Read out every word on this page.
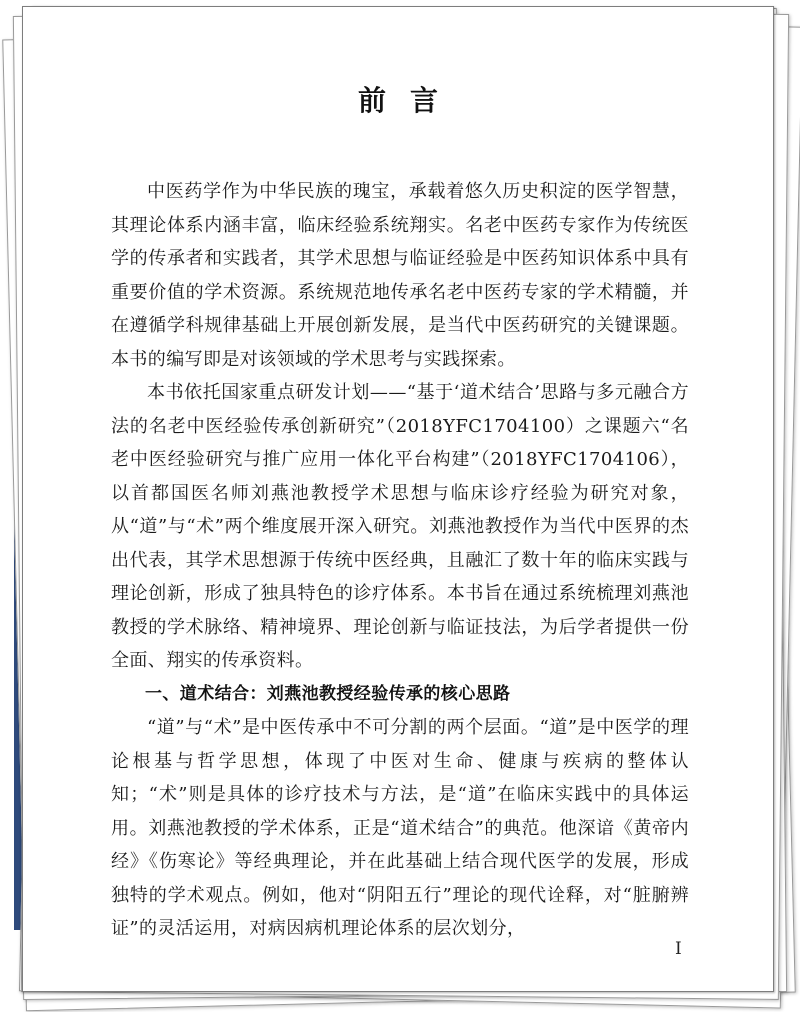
前言

中医药学作为中华民族的瑰宝，承载着悠久历史积淀的医学智慧，其理论体系内涵丰富，临床经验系统翔实。名老中医药专家作为传统医学的传承者和实践者，其学术思想与临证经验是中医药知识体系中具有重要价值的学术资源。系统规范地传承名老中医药专家的学术精髓，并在遵循学科规律基础上开展创新发展，是当代中医药研究的关键课题。本书的编写即是对该领域的学术思考与实践探索。

本书依托国家重点研发计划——“基于‘道术结合’思路与多元融合方法的名老中医经验传承创新研究”（2018YFC1704100）之课题六“名老中医经验研究与推广应用一体化平台构建”（2018YFC1704106），以首都国医名师刘燕池教授学术思想与临床诊疗经验为研究对象，从“道”与“术”两个维度展开深入研究。刘燕池教授作为当代中医界的杰出代表，其学术思想源于传统中医经典，且融汇了数十年的临床实践与理论创新，形成了独具特色的诊疗体系。本书旨在通过系统梳理刘燕池教授的学术脉络、精神境界、理论创新与临证技法，为后学者提供一份全面、翔实的传承资料。

一、道术结合：刘燕池教授经验传承的核心思路

“道”与“术”是中医传承中不可分割的两个层面。“道”是中医学的理论根基与哲学思想，体现了中医对生命、健康与疾病的整体认知；“术”则是具体的诊疗技术与方法，是“道”在临床实践中的具体运用。刘燕池教授的学术体系，正是“道术结合”的典范。他深谙《黄帝内经》《伤寒论》等经典理论，并在此基础上结合现代医学的发展，形成独特的学术观点。例如，他对“阴阳五行”理论的现代诠释，对“脏腑辨证”的灵活运用，对病因病机理论体系的层次划分，

I
